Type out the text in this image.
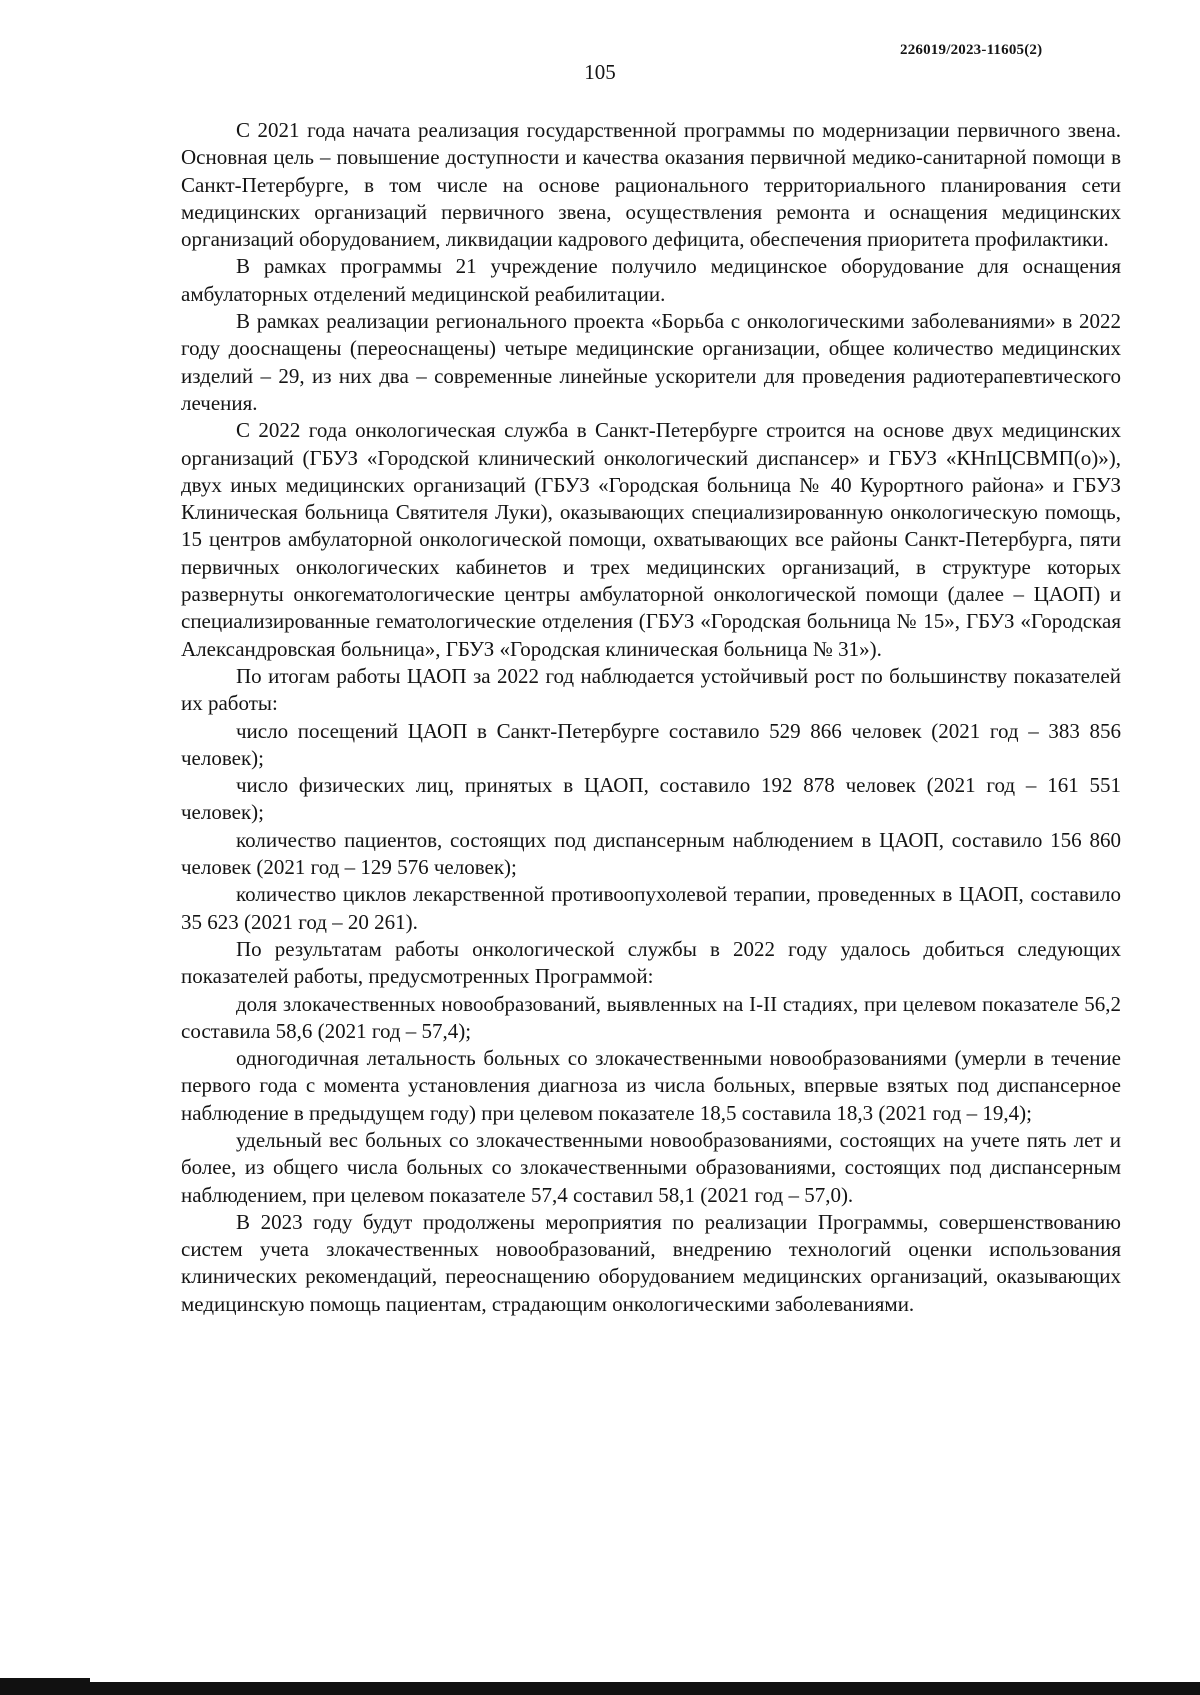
226019/2023-11605(2)
105

С 2021 года начата реализация государственной программы по модернизации первичного звена. Основная цель – повышение доступности и качества оказания первичной медико-санитарной помощи в Санкт-Петербурге, в том числе на основе рационального территориального планирования сети медицинских организаций первичного звена, осуществления ремонта и оснащения медицинских организаций оборудованием, ликвидации кадрового дефицита, обеспечения приоритета профилактики.

В рамках программы 21 учреждение получило медицинское оборудование для оснащения амбулаторных отделений медицинской реабилитации.

В рамках реализации регионального проекта «Борьба с онкологическими заболеваниями» в 2022 году дооснащены (переоснащены) четыре медицинские организации, общее количество медицинских изделий – 29, из них два – современные линейные ускорители для проведения радиотерапевтического лечения.

С 2022 года онкологическая служба в Санкт-Петербурге строится на основе двух медицинских организаций (ГБУЗ «Городской клинический онкологический диспансер» и ГБУЗ «КНпЦСВМП(о)»), двух иных медицинских организаций (ГБУЗ «Городская больница № 40 Курортного района» и ГБУЗ Клиническая больница Святителя Луки), оказывающих специализированную онкологическую помощь, 15 центров амбулаторной онкологической помощи, охватывающих все районы Санкт-Петербурга, пяти первичных онкологических кабинетов и трех медицинских организаций, в структуре которых развернуты онкогематологические центры амбулаторной онкологической помощи (далее – ЦАОП) и специализированные гематологические отделения (ГБУЗ «Городская больница № 15», ГБУЗ «Городская Александровская больница», ГБУЗ «Городская клиническая больница № 31»).

По итогам работы ЦАОП за 2022 год наблюдается устойчивый рост по большинству показателей их работы:

число посещений ЦАОП в Санкт-Петербурге составило 529 866 человек (2021 год – 383 856 человек);

число физических лиц, принятых в ЦАОП, составило 192 878 человек (2021 год – 161 551 человек);

количество пациентов, состоящих под диспансерным наблюдением в ЦАОП, составило 156 860 человек (2021 год – 129 576 человек);

количество циклов лекарственной противоопухолевой терапии, проведенных в ЦАОП, составило 35 623 (2021 год – 20 261).

По результатам работы онкологической службы в 2022 году удалось добиться следующих показателей работы, предусмотренных Программой:

доля злокачественных новообразований, выявленных на I-II стадиях, при целевом показателе 56,2 составила 58,6 (2021 год – 57,4);

одногодичная летальность больных со злокачественными новообразованиями (умерли в течение первого года с момента установления диагноза из числа больных, впервые взятых под диспансерное наблюдение в предыдущем году) при целевом показателе 18,5 составила 18,3 (2021 год – 19,4);

удельный вес больных со злокачественными новообразованиями, состоящих на учете пять лет и более, из общего числа больных со злокачественными образованиями, состоящих под диспансерным наблюдением, при целевом показателе 57,4 составил 58,1 (2021 год – 57,0).

В 2023 году будут продолжены мероприятия по реализации Программы, совершенствованию систем учета злокачественных новообразований, внедрению технологий оценки использования клинических рекомендаций, переоснащению оборудованием медицинских организаций, оказывающих медицинскую помощь пациентам, страдающим онкологическими заболеваниями.
